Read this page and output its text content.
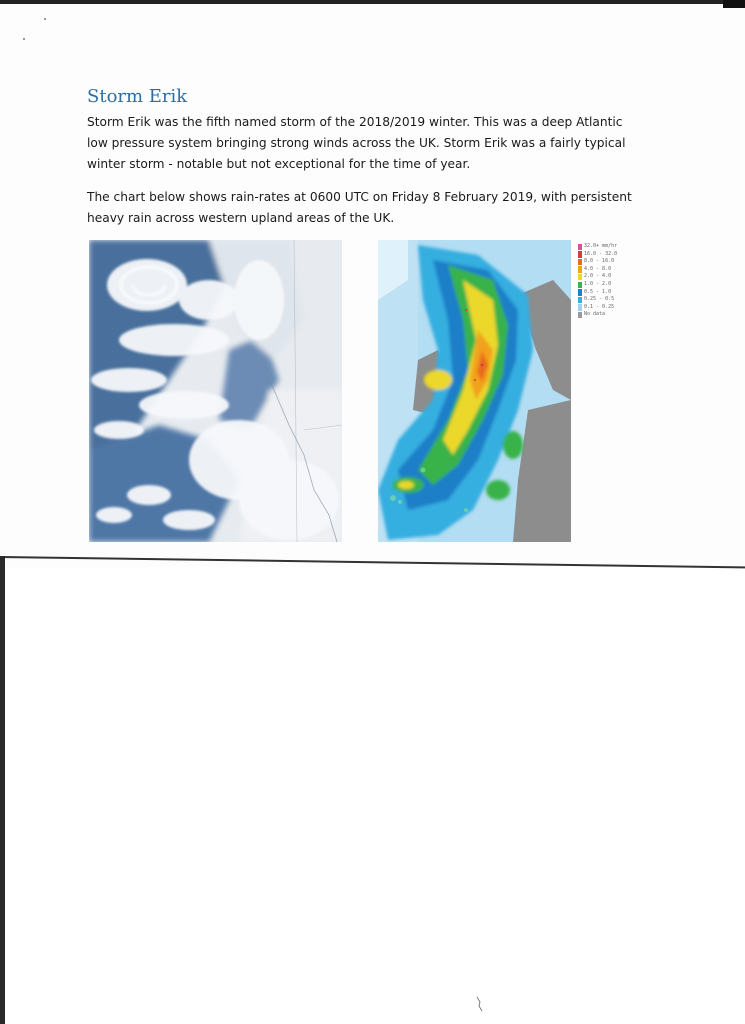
Storm Erik

Storm Erik was the fifth named storm of the 2018/2019 winter. This was a deep Atlantic low pressure system bringing strong winds across the UK. Storm Erik was a fairly typical winter storm - notable but not exceptional for the time of year.

The chart below shows rain-rates at 0600 UTC on Friday 8 February 2019, with persistent heavy rain across western upland areas of the UK.

32.0+ mm/hr
16.0 - 32.0
8.0 - 16.0
4.0 - 8.0
2.0 - 4.0
1.0 - 2.0
0.5 - 1.0
0.25 - 0.5
0.1 - 0.25
No data
